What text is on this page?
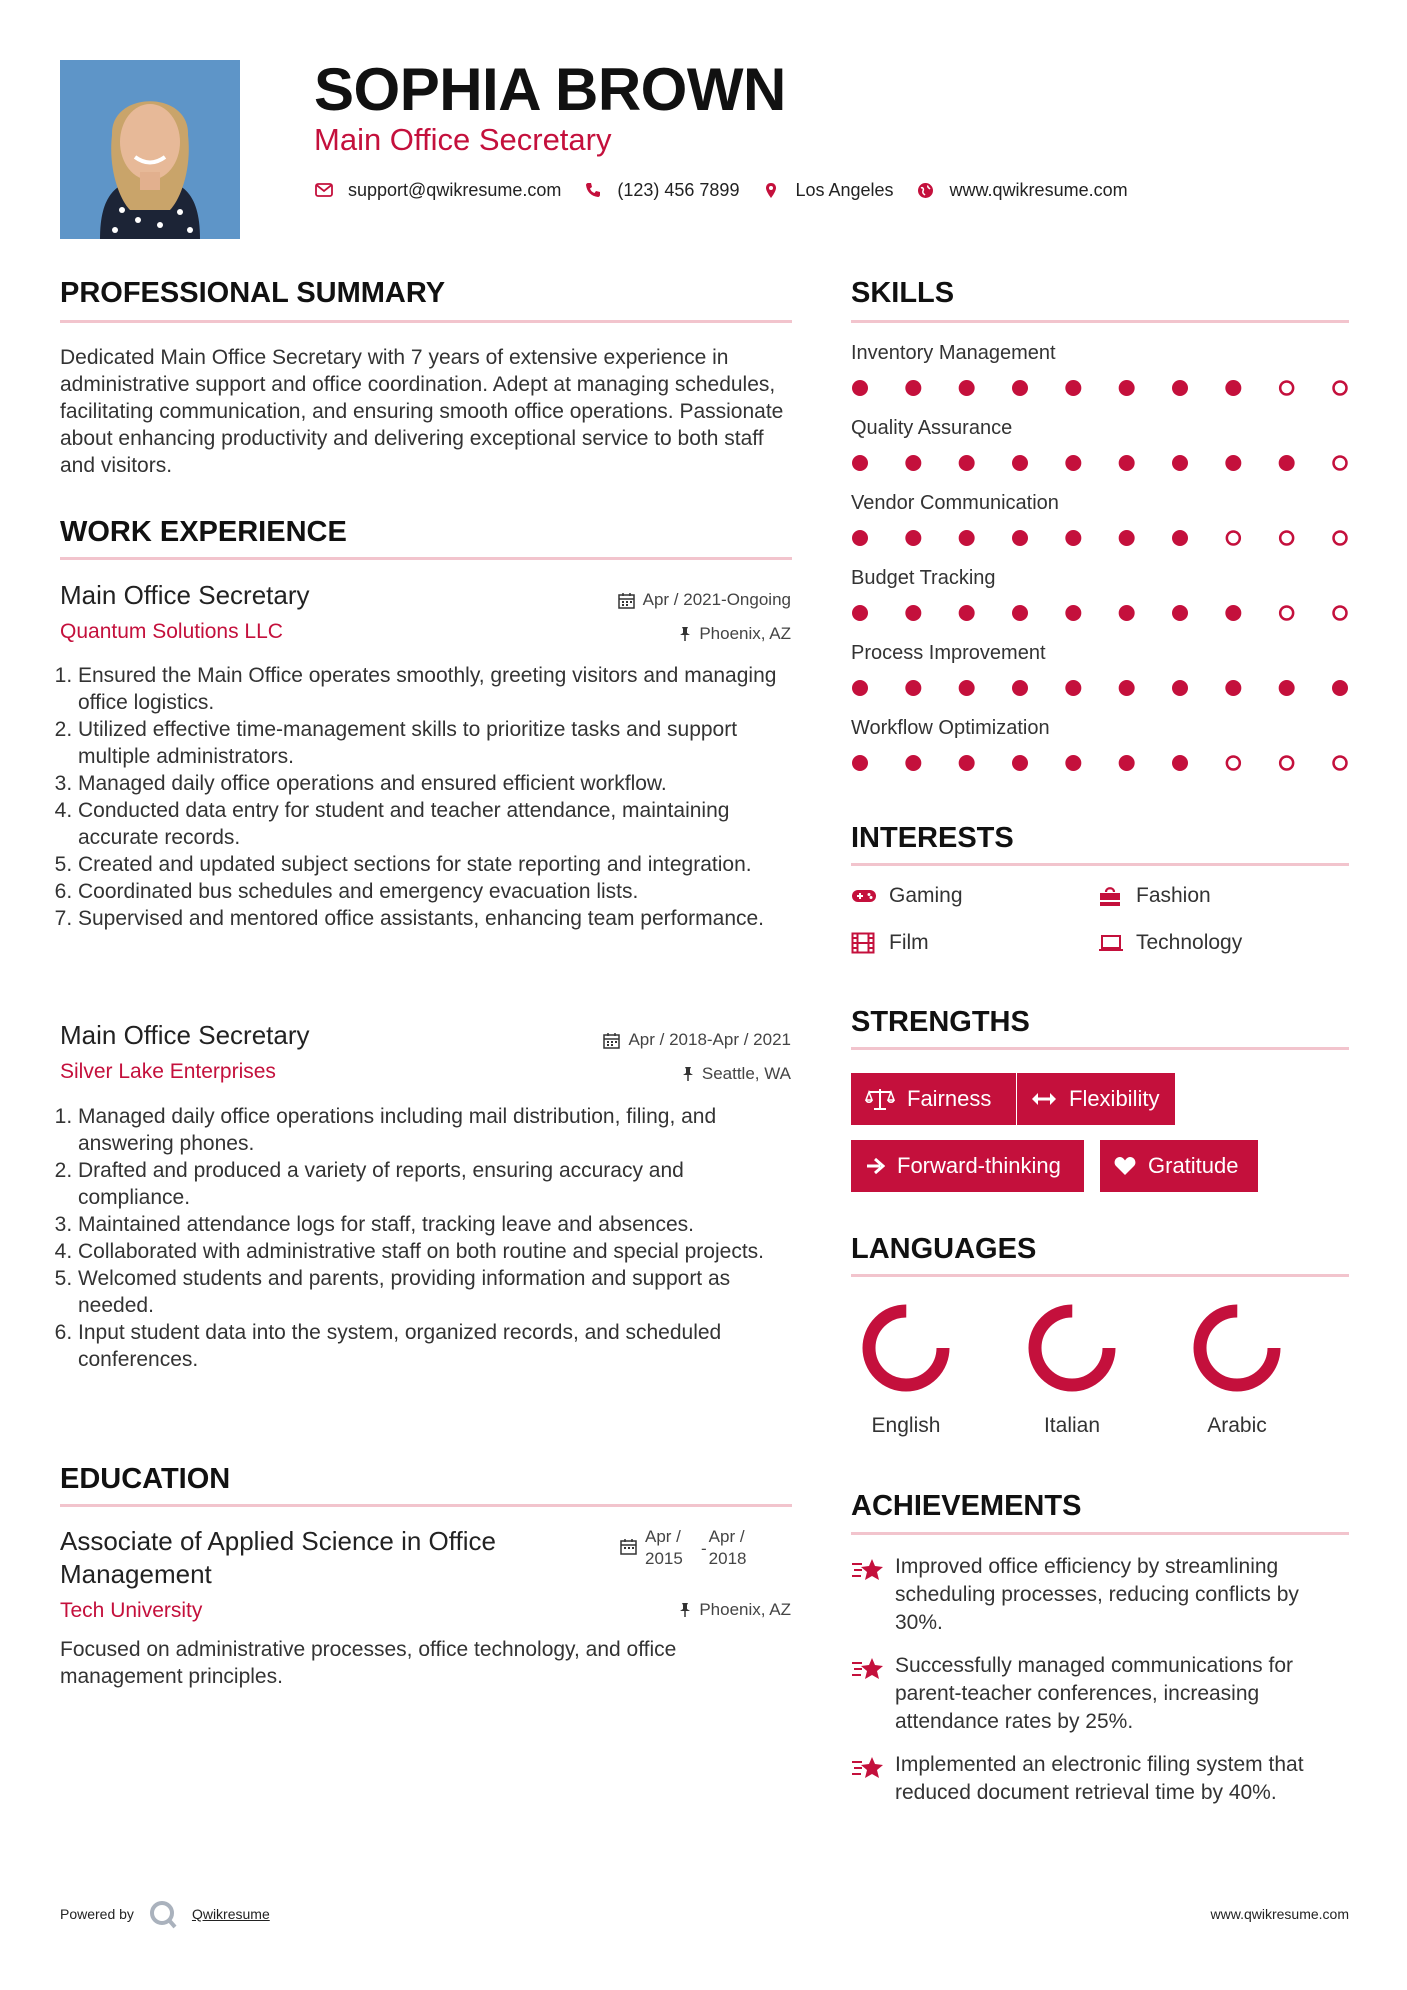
SOPHIA BROWN
Main Office Secretary
support@qwikresume.com	(123) 456 7899	Los Angeles	www.qwikresume.com
PROFESSIONAL SUMMARY
Dedicated Main Office Secretary with 7 years of extensive experience in administrative support and office coordination. Adept at managing schedules, facilitating communication, and ensuring smooth office operations. Passionate about enhancing productivity and delivering exceptional service to both staff and visitors.
WORK EXPERIENCE
Main Office Secretary	Apr / 2021-Ongoing
Quantum Solutions LLC	Phoenix, AZ
1. Ensured the Main Office operates smoothly, greeting visitors and managing office logistics.
2. Utilized effective time-management skills to prioritize tasks and support multiple administrators.
3. Managed daily office operations and ensured efficient workflow.
4. Conducted data entry for student and teacher attendance, maintaining accurate records.
5. Created and updated subject sections for state reporting and integration.
6. Coordinated bus schedules and emergency evacuation lists.
7. Supervised and mentored office assistants, enhancing team performance.
Main Office Secretary	Apr / 2018-Apr / 2021
Silver Lake Enterprises	Seattle, WA
1. Managed daily office operations including mail distribution, filing, and answering phones.
2. Drafted and produced a variety of reports, ensuring accuracy and compliance.
3. Maintained attendance logs for staff, tracking leave and absences.
4. Collaborated with administrative staff on both routine and special projects.
5. Welcomed students and parents, providing information and support as needed.
6. Input student data into the system, organized records, and scheduled conferences.
EDUCATION
Associate of Applied Science in Office Management
Apr / 2015
-
Apr / 2018
Tech University	Phoenix, AZ
Focused on administrative processes, office technology, and office management principles.
SKILLS
Inventory Management
Quality Assurance
Vendor Communication
Budget Tracking
Process Improvement
Workflow Optimization
INTERESTS
Gaming	Fashion
Film	Technology
STRENGTHS
Fairness	Flexibility
Forward-thinking	Gratitude
LANGUAGES
English	Italian	Arabic
ACHIEVEMENTS
Improved office efficiency by streamlining scheduling processes, reducing conflicts by 30%.
Successfully managed communications for parent-teacher conferences, increasing attendance rates by 25%.
Implemented an electronic filing system that reduced document retrieval time by 40%.
Powered by	Qwikresume	www.qwikresume.com
